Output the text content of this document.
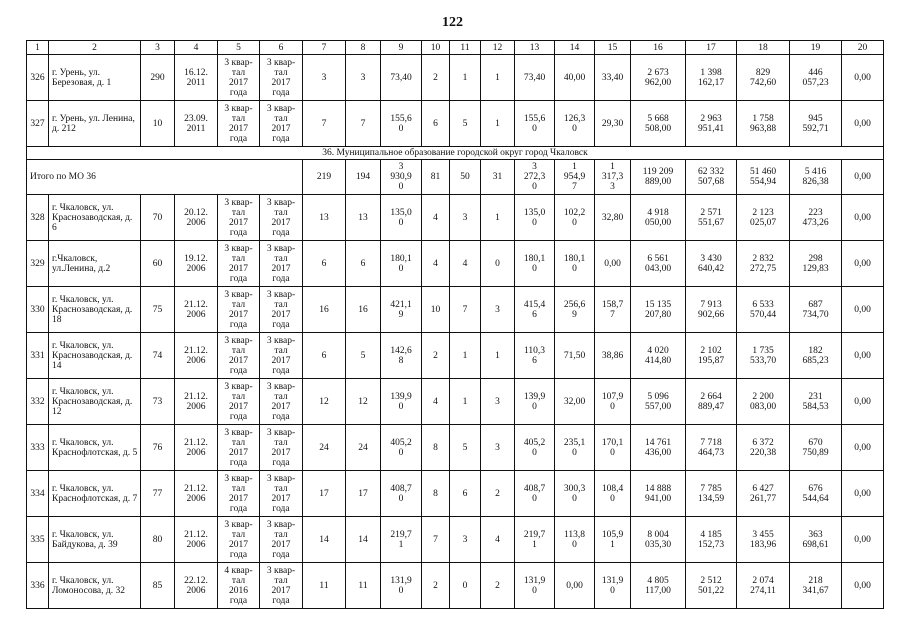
122
1	2	3	4	5	6	7	8	9	10	11	12	13	14	15	16	17	18	19	20
326	г. Урень, ул. Березовая, д. 1	290	16.12.
2011	3 квар-
тал
2017
года	3 квар-
тал
2017
года	3	3	73,40	2	1	1	73,40	40,00	33,40	2 673
962,00	1 398
162,17	829
742,60	446
057,23	0,00
327	г. Урень, ул. Ленина, д. 212	10	23.09.
2011	3 квар-
тал
2017
года	3 квар-
тал
2017
года	7	7	155,6
0	6	5	1	155,6
0	126,3
0	29,30	5 668
508,00	2 963
951,41	1 758
963,88	945
592,71	0,00
36. Муниципальное образование городской округ город Чкаловск																			
Итого по МО 36						219	194	3
930,9
0	81	50	31	3
272,3
0	1
954,9
7	1
317,3
3	119 209
889,00	62 332
507,68	51 460
554,94	5 416
826,38	0,00
328	г. Чкаловск, ул. Краснозаводская, д. 6	70	20.12.
2006	3 квар-
тал
2017
года	3 квар-
тал
2017
года	13	13	135,0
0	4	3	1	135,0
0	102,2
0	32,80	4 918
050,00	2 571
551,67	2 123
025,07	223
473,26	0,00
329	г.Чкаловск, ул.Ленина, д.2	60	19.12.
2006	3 квар-
тал
2017
года	3 квар-
тал
2017
года	6	6	180,1
0	4	4	0	180,1
0	180,1
0	0,00	6 561
043,00	3 430
640,42	2 832
272,75	298
129,83	0,00
330	г. Чкаловск, ул. Краснозаводская, д. 18	75	21.12.
2006	3 квар-
тал
2017
года	3 квар-
тал
2017
года	16	16	421,1
9	10	7	3	415,4
6	256,6
9	158,7
7	15 135
207,80	7 913
902,66	6 533
570,44	687
734,70	0,00
331	г. Чкаловск, ул. Краснозаводская, д. 14	74	21.12.
2006	3 квар-
тал
2017
года	3 квар-
тал
2017
года	6	5	142,6
8	2	1	1	110,3
6	71,50	38,86	4 020
414,80	2 102
195,87	1 735
533,70	182
685,23	0,00
332	г. Чкаловск, ул. Краснозаводская, д. 12	73	21.12.
2006	3 квар-
тал
2017
года	3 квар-
тал
2017
года	12	12	139,9
0	4	1	3	139,9
0	32,00	107,9
0	5 096
557,00	2 664
889,47	2 200
083,00	231
584,53	0,00
333	г. Чкаловск, ул. Краснофлотская, д. 5	76	21.12.
2006	3 квар-
тал
2017
года	3 квар-
тал
2017
года	24	24	405,2
0	8	5	3	405,2
0	235,1
0	170,1
0	14 761
436,00	7 718
464,73	6 372
220,38	670
750,89	0,00
334	г. Чкаловск, ул. Краснофлотская, д. 7	77	21.12.
2006	3 квар-
тал
2017
года	3 квар-
тал
2017
года	17	17	408,7
0	8	6	2	408,7
0	300,3
0	108,4
0	14 888
941,00	7 785
134,59	6 427
261,77	676
544,64	0,00
335	г. Чкаловск, ул. Байдукова, д. 39	80	21.12.
2006	3 квар-
тал
2017
года	3 квар-
тал
2017
года	14	14	219,7
1	7	3	4	219,7
1	113,8
0	105,9
1	8 004
035,30	4 185
152,73	3 455
183,96	363
698,61	0,00
336	г. Чкаловск, ул. Ломоносова, д. 32	85	22.12.
2006	4 квар-
тал
2016
года	3 квар-
тал
2017
года	11	11	131,9
0	2	0	2	131,9
0	0,00	131,9
0	4 805
117,00	2 512
501,22	2 074
274,11	218
341,67	0,00
